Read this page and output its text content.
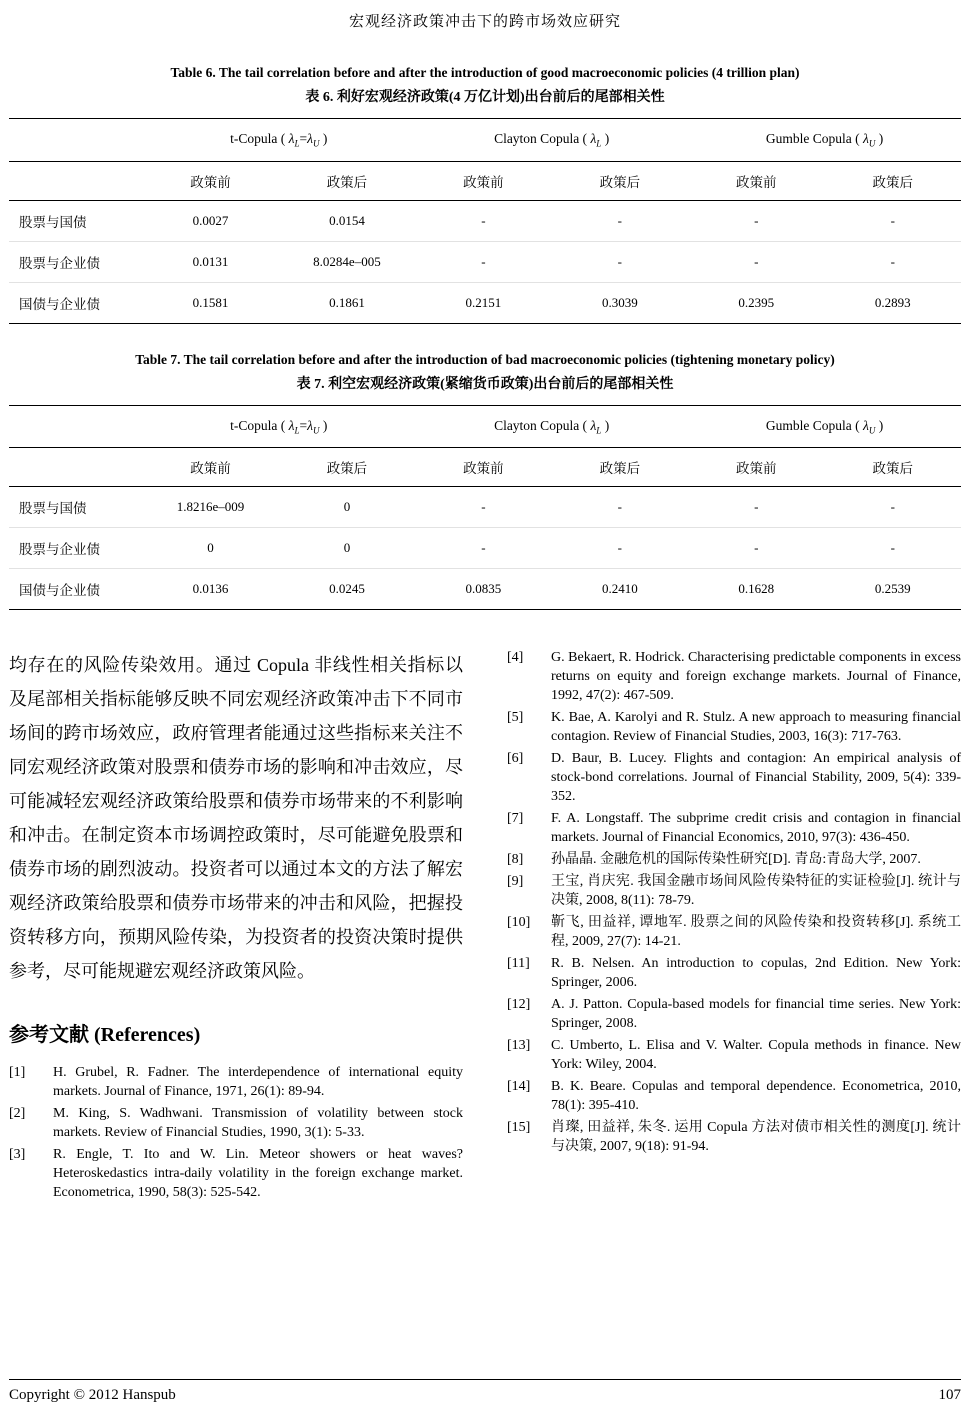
宏观经济政策冲击下的跨市场效应研究
Table 6. The tail correlation before and after the introduction of good macroeconomic policies (4 trillion plan)
表 6. 利好宏观经济政策(4 万亿计划)出台前后的尾部相关性
	t-Copula ( $\lambda_L=\lambda_U$ )		Clayton Copula ( $\lambda_L$ )		Gumble Copula ( $\lambda_U$ )	
	政策前	政策后	政策前	政策后	政策前	政策后
股票与国债	0.0027	0.0154	-	-	-	-
股票与企业债	0.0131	8.0284e–005	-	-	-	-
国债与企业债	0.1581	0.1861	0.2151	0.3039	0.2395	0.2893
Table 7. The tail correlation before and after the introduction of bad macroeconomic policies (tightening monetary policy)
表 7. 利空宏观经济政策(紧缩货币政策)出台前后的尾部相关性
	t-Copula ( $\lambda_L=\lambda_U$ )		Clayton Copula ( $\lambda_L$ )		Gumble Copula ( $\lambda_U$ )	
	政策前	政策后	政策前	政策后	政策前	政策后
股票与国债	1.8216e–009	0	-	-	-	-
股票与企业债	0	0	-	-	-	-
国债与企业债	0.0136	0.0245	0.0835	0.2410	0.1628	0.2539

均存在的风险传染效用。通过 Copula 非线性相关指标以及尾部相关指标能够反映不同宏观经济政策冲击下不同市场间的跨市场效应，政府管理者能通过这些指标来关注不同宏观经济政策对股票和债券市场的影响和冲击效应，尽可能减轻宏观经济政策给股票和债券市场带来的不利影响和冲击。在制定资本市场调控政策时，尽可能避免股票和债券市场的剧烈波动。投资者可以通过本文的方法了解宏观经济政策给股票和债券市场带来的冲击和风险，把握投资转移方向，预期风险传染，为投资者的投资决策时提供参考，尽可能规避宏观经济政策风险。

参考文献 (References)
[1]	H. Grubel, R. Fadner. The interdependence of international equity markets. Journal of Finance, 1971, 26(1): 89-94.
[2]	M. King, S. Wadhwani. Transmission of volatility between stock markets. Review of Financial Studies, 1990, 3(1): 5-33.
[3]	R. Engle, T. Ito and W. Lin. Meteor showers or heat waves? Heteroskedastics intra-daily volatility in the foreign exchange market. Econometrica, 1990, 58(3): 525-542.
[4]	G. Bekaert, R. Hodrick. Characterising predictable components in excess returns on equity and foreign exchange markets. Journal of Finance, 1992, 47(2): 467-509.
[5]	K. Bae, A. Karolyi and R. Stulz. A new approach to measuring financial contagion. Review of Financial Studies, 2003, 16(3): 717-763.
[6]	D. Baur, B. Lucey. Flights and contagion: An empirical analysis of stock-bond correlations. Journal of Financial Stability, 2009, 5(4): 339-352.
[7]	F. A. Longstaff. The subprime credit crisis and contagion in financial markets. Journal of Financial Economics, 2010, 97(3): 436-450.
[8]	孙晶晶. 金融危机的国际传染性研究[D]. 青岛:青岛大学, 2007.
[9]	王宝, 肖庆宪. 我国金融市场间风险传染特征的实证检验[J]. 统计与决策, 2008, 8(11): 78-79.
[10]	靳飞, 田益祥, 谭地军. 股票之间的风险传染和投资转移[J]. 系统工程, 2009, 27(7): 14-21.
[11]	R. B. Nelsen. An introduction to copulas, 2nd Edition. New York: Springer, 2006.
[12]	A. J. Patton. Copula-based models for financial time series. New York: Springer, 2008.
[13]	C. Umberto, L. Elisa and V. Walter. Copula methods in finance. New York: Wiley, 2004.
[14]	B. K. Beare. Copulas and temporal dependence. Econometrica, 2010, 78(1): 395-410.
[15]	肖璨, 田益祥, 朱冬. 运用 Copula 方法对债市相关性的测度[J]. 统计与决策, 2007, 9(18): 91-94.
Copyright © 2012 Hanspub	107
